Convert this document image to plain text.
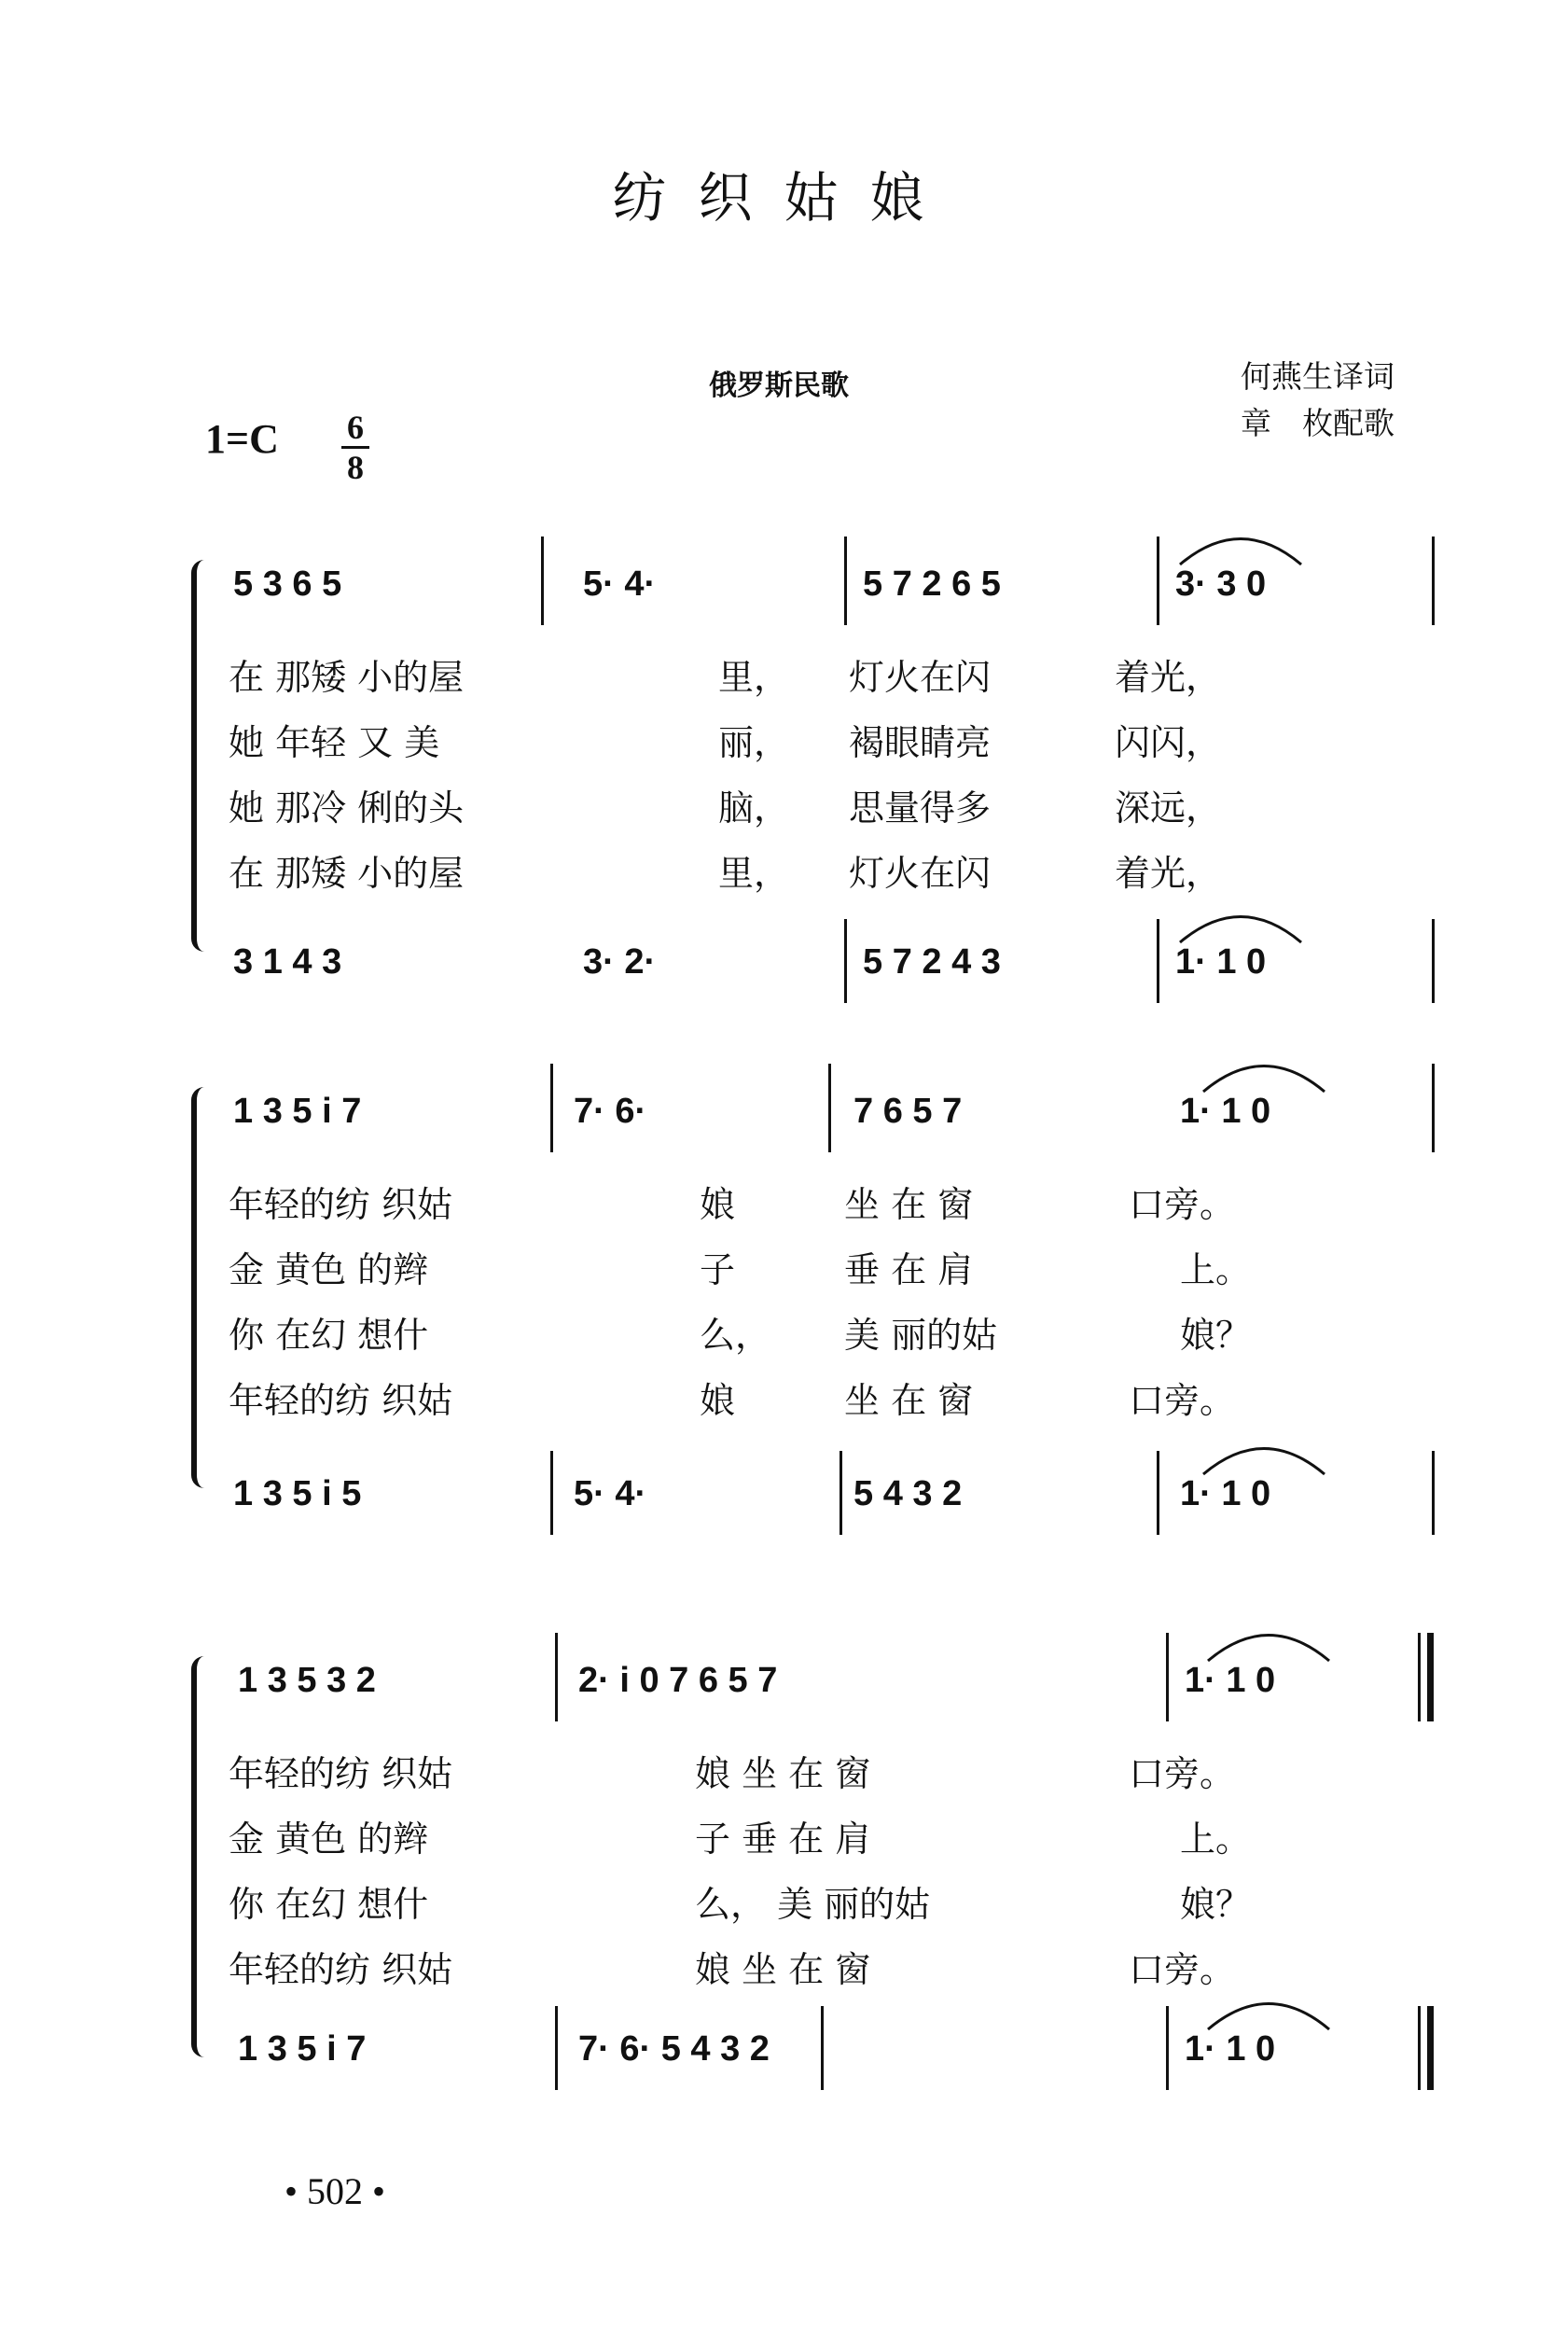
纺织姑娘
俄罗斯民歌	何燕生译词
章　枚配歌
$1=C \frac{6}{8}$
5 3 6 5	5· 4·	5 7 2 6 5	3· 3 0
在 那矮 小的屋	里， 灯火在闪	着光，
她 年轻 又 美	丽， 褐眼睛亮	闪闪，
她 那冷 俐的头	脑， 思量得多	深远，
在 那矮 小的屋	里， 灯火在闪	着光，
3 1 4 3	3· 2·	5 7 2 4 3	1· 1 0
1 3 5 i 7	7· 6·	7 6 5 7	1· 1 0
年轻的纺 织姑	娘	坐 在 窗	口旁。
金 黄色 的辫	子	垂 在 肩	上。
你 在幻 想什	么， 美 丽的姑	娘？
年轻的纺 织姑	娘	坐 在 窗	口旁。
1 3 5 i 5	5· 4·	5 4 3 2	1· 1 0
1 3 5 3 2	2· i 0 7 6 5 7	1· 1 0
年轻的纺 织姑	娘 坐 在 窗	口旁。
金 黄色 的辫	子 垂 在 肩	上。
你 在幻 想什	么， 美 丽的姑	娘？
年轻的纺 织姑	娘 坐 在 窗	口旁。
1 3 5 i 7	7· 6· 5 4 3 2	1· 1 0
• 502 •
